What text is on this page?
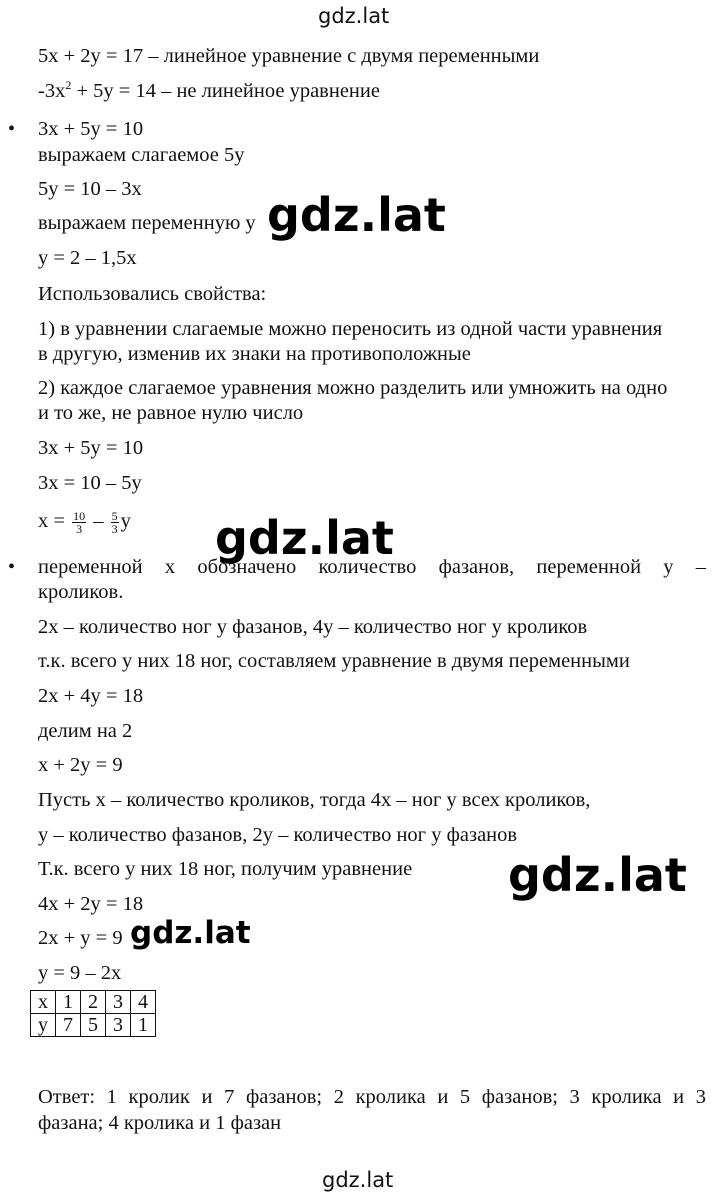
gdz.lat
gdz.lat

5x + 2y = 17 – линейное уравнение с двумя переменными

$-3x^2 + 5y = 14$ – не линейное уравнение

• 3x + 5y = 10

выражаем слагаемое 5y

5y = 10 – 3x

выражаем переменную y

y = 2 – 1,5x

Использовались свойства:

1) в уравнении слагаемые можно переносить из одной части уравнения

в другую, изменив их знаки на противоположные

2) каждое слагаемое уравнения можно разделить или умножить на одно

и то же, не равное нулю число

3x + 5y = 10

3x = 10 – 5y

$x = \frac{10}{3} - \frac{5}{3}$ y

• переменной x обозначено количество фазанов, переменной y –

кроликов.

2x – количество ног у фазанов, 4y – количество ног у кроликов

т.к. всего у них 18 ног, составляем уравнение в двумя переменными

2x + 4y = 18

делим на 2

x + 2y = 9

Пусть x – количество кроликов, тогда 4x – ног у всех кроликов,

y – количество фазанов, 2y – количество ног у фазанов

Т.к. всего у них 18 ног, получим уравнение

4x + 2y = 18

2x + y = 9

y = 9 – 2x

x	1	2	3	4
y	7	5	3	1

Ответ: 1 кролик и 7 фазанов; 2 кролика и 5 фазанов; 3 кролика и 3

фазана; 4 кролика и 1 фазан

gdz.lat
gdz.lat
gdz.lat
gdz.lat
